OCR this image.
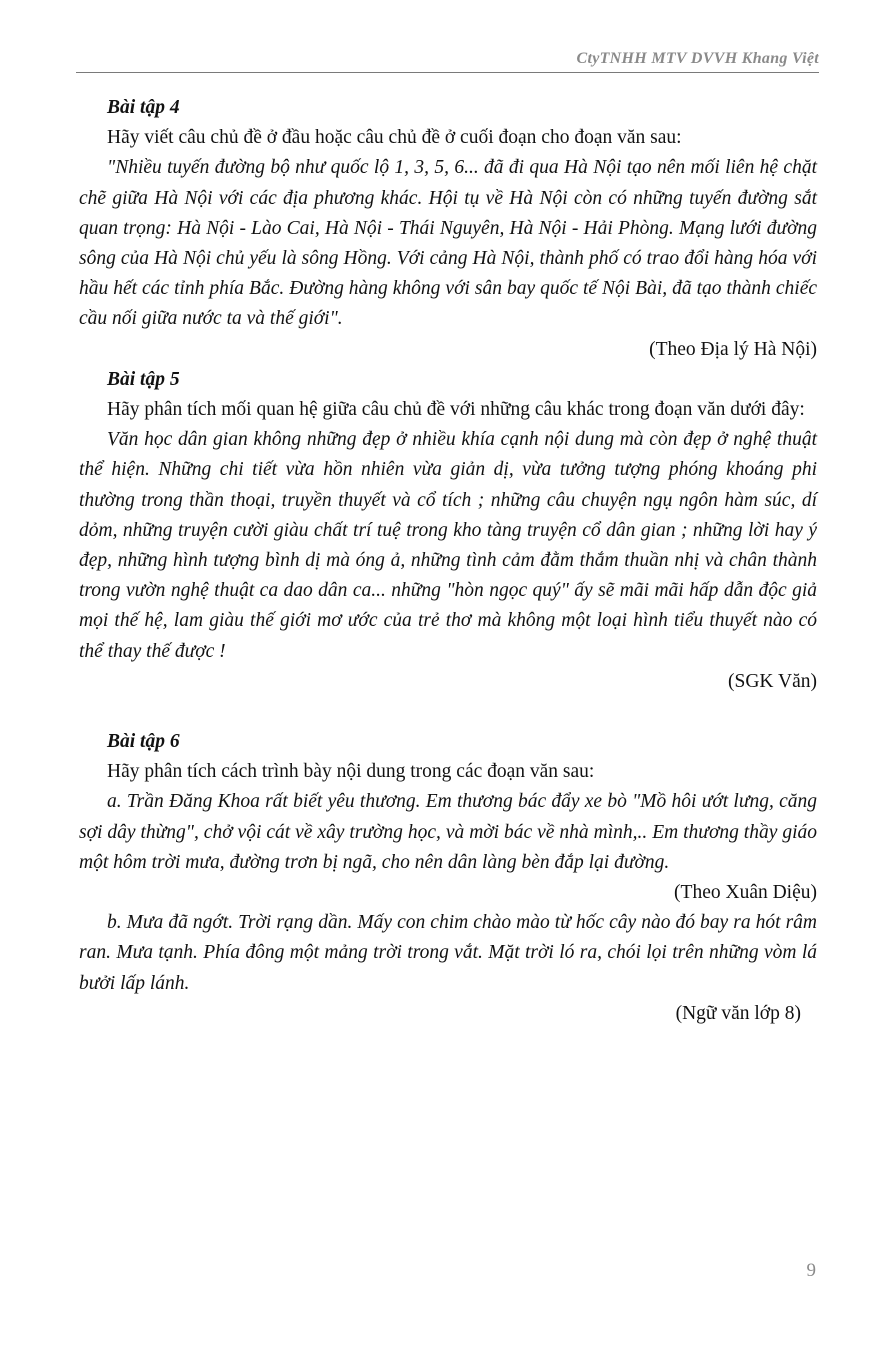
CtyTNHH MTV DVVH Khang Việt

Bài tập 4

Hãy viết câu chủ đề ở đầu hoặc câu chủ đề ở cuối đoạn cho đoạn văn sau:

"Nhiều tuyến đường bộ như quốc lộ 1, 3, 5, 6... đã đi qua Hà Nội tạo nên mối liên hệ chặt chẽ giữa Hà Nội với các địa phương khác. Hội tụ về Hà Nội còn có những tuyến đường sắt quan trọng: Hà Nội - Lào Cai, Hà Nội - Thái Nguyên, Hà Nội - Hải Phòng. Mạng lưới đường sông của Hà Nội chủ yếu là sông Hồng. Với cảng Hà Nội, thành phố có trao đổi hàng hóa với hầu hết các tỉnh phía Bắc. Đường hàng không với sân bay quốc tế Nội Bài, đã tạo thành chiếc cầu nối giữa nước ta và thế giới".

(Theo Địa lý Hà Nội)

Bài tập 5

Hãy phân tích mối quan hệ giữa câu chủ đề với những câu khác trong đoạn văn dưới đây:

Văn học dân gian không những đẹp ở nhiều khía cạnh nội dung mà còn đẹp ở nghệ thuật thể hiện. Những chi tiết vừa hồn nhiên vừa giản dị, vừa tưởng tượng phóng khoáng phi thường trong thần thoại, truyền thuyết và cổ tích ; những câu chuyện ngụ ngôn hàm súc, dí dỏm, những truyện cười giàu chất trí tuệ trong kho tàng truyện cổ dân gian ; những lời hay ý đẹp, những hình tượng bình dị mà óng ả, những tình cảm đằm thắm thuần nhị và chân thành trong vườn nghệ thuật ca dao dân ca... những "hòn ngọc quý" ấy sẽ mãi mãi hấp dẫn độc giả mọi thế hệ, lam giàu thế giới mơ ước của trẻ thơ mà không một loại hình tiểu thuyết nào có thể thay thế được !

(SGK Văn)

Bài tập 6

Hãy phân tích cách trình bày nội dung trong các đoạn văn sau:

a. Trần Đăng Khoa rất biết yêu thương. Em thương bác đẩy xe bò "Mồ hôi ướt lưng, căng sợi dây thừng", chở vội cát về xây trường học, và mời bác về nhà mình,.. Em thương thầy giáo một hôm trời mưa, đường trơn bị ngã, cho nên dân làng bèn đắp lại đường.

(Theo Xuân Diệu)

b. Mưa đã ngớt. Trời rạng dần. Mấy con chim chào mào từ hốc cây nào đó bay ra hót râm ran. Mưa tạnh. Phía đông một mảng trời trong vắt. Mặt trời ló ra, chói lọi trên những vòm lá bưởi lấp lánh.

(Ngữ văn lớp 8)

9
